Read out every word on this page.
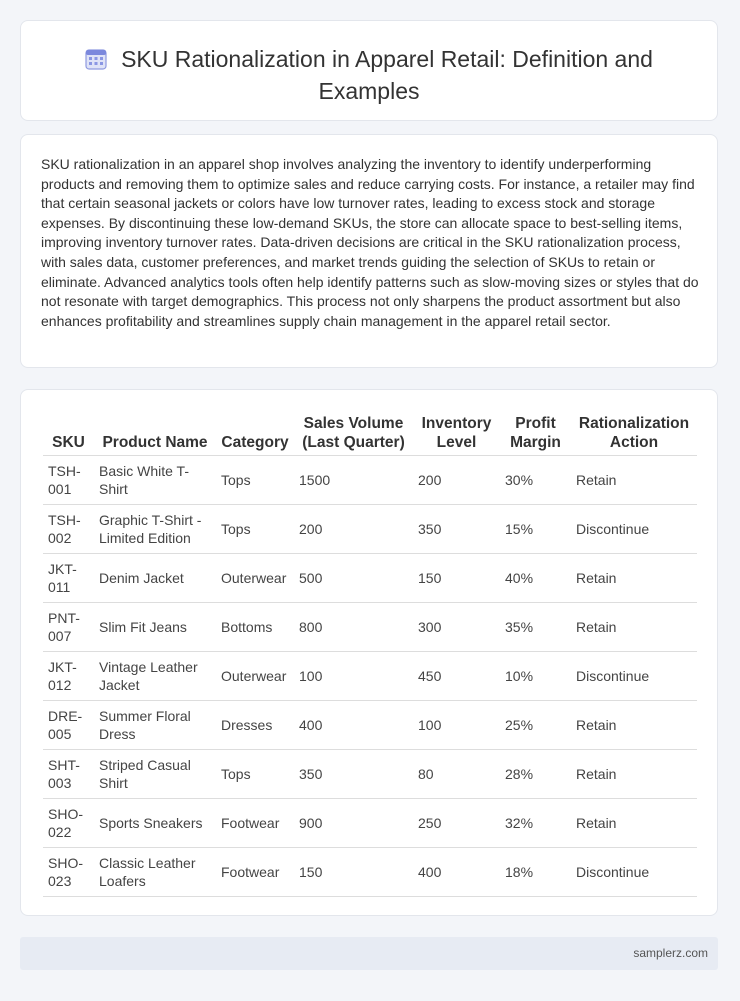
SKU Rationalization in Apparel Retail: Definition and Examples

SKU rationalization in an apparel shop involves analyzing the inventory to identify underperforming products and removing them to optimize sales and reduce carrying costs. For instance, a retailer may find that certain seasonal jackets or colors have low turnover rates, leading to excess stock and storage expenses. By discontinuing these low-demand SKUs, the store can allocate space to best-selling items, improving inventory turnover rates. Data-driven decisions are critical in the SKU rationalization process, with sales data, customer preferences, and market trends guiding the selection of SKUs to retain or eliminate. Advanced analytics tools often help identify patterns such as slow-moving sizes or styles that do not resonate with target demographics. This process not only sharpens the product assortment but also enhances profitability and streamlines supply chain management in the apparel retail sector.

SKU	Product Name	Category	Sales Volume (Last Quarter)	Inventory Level	Profit Margin	Rationalization Action
TSH-001	Basic White T-Shirt	Tops	1500	200	30%	Retain
TSH-002	Graphic T-Shirt - Limited Edition	Tops	200	350	15%	Discontinue
JKT-011	Denim Jacket	Outerwear	500	150	40%	Retain
PNT-007	Slim Fit Jeans	Bottoms	800	300	35%	Retain
JKT-012	Vintage Leather Jacket	Outerwear	100	450	10%	Discontinue
DRE-005	Summer Floral Dress	Dresses	400	100	25%	Retain
SHT-003	Striped Casual Shirt	Tops	350	80	28%	Retain
SHO-022	Sports Sneakers	Footwear	900	250	32%	Retain
SHO-023	Classic Leather Loafers	Footwear	150	400	18%	Discontinue
samplerz.com
